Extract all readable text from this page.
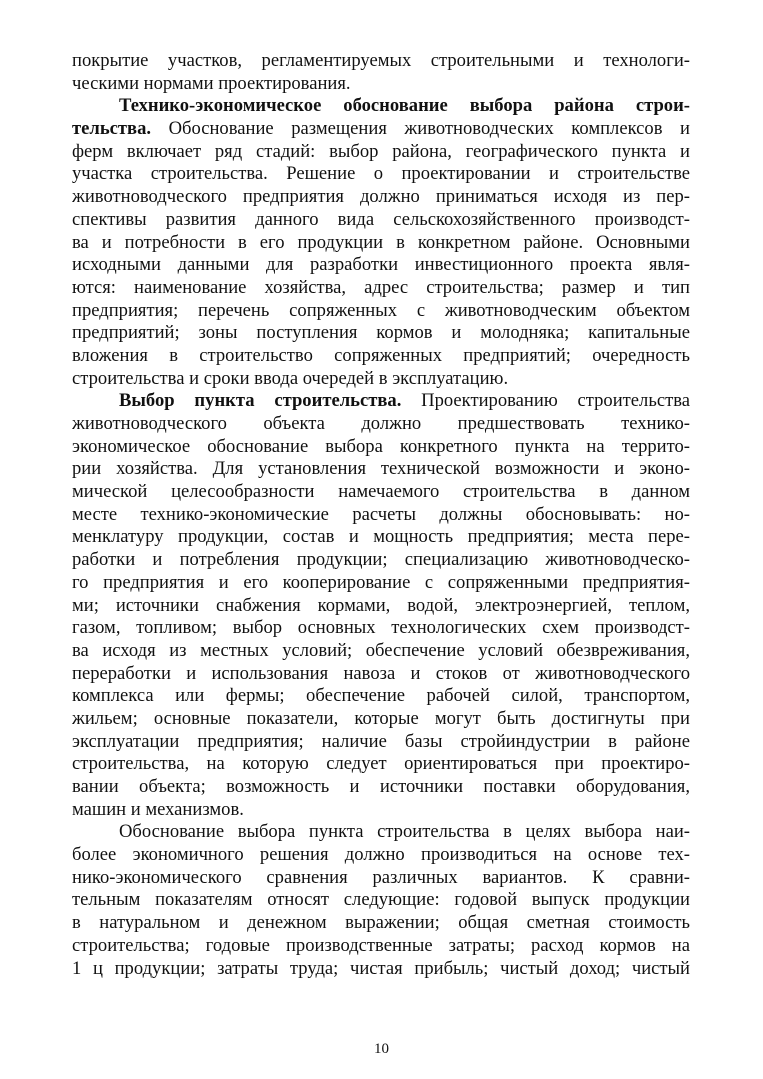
покрытие участков, регламентируемых строительными и технологи-
ческими нормами проектирования.
Технико-экономическое обоснование выбора района строи-
тельства. Обоснование размещения животноводческих комплексов и
ферм включает ряд стадий: выбор района, географического пункта и
участка строительства. Решение о проектировании и строительстве
животноводческого предприятия должно приниматься исходя из пер-
спективы развития данного вида сельскохозяйственного производст-
ва и потребности в его продукции в конкретном районе. Основными
исходными данными для разработки инвестиционного проекта явля-
ются: наименование хозяйства, адрес строительства; размер и тип
предприятия; перечень сопряженных с животноводческим объектом
предприятий; зоны поступления кормов и молодняка; капитальные
вложения в строительство сопряженных предприятий; очередность
строительства и сроки ввода очередей в эксплуатацию.
Выбор пункта строительства. Проектированию строительства
животноводческого объекта должно предшествовать технико-
экономическое обоснование выбора конкретного пункта на террито-
рии хозяйства. Для установления технической возможности и эконо-
мической целесообразности намечаемого строительства в данном
месте технико-экономические расчеты должны обосновывать: но-
менклатуру продукции, состав и мощность предприятия; места пере-
работки и потребления продукции; специализацию животноводческо-
го предприятия и его кооперирование с сопряженными предприятия-
ми; источники снабжения кормами, водой, электроэнергией, теплом,
газом, топливом; выбор основных технологических схем производст-
ва исходя из местных условий; обеспечение условий обезвреживания,
переработки и использования навоза и стоков от животноводческого
комплекса или фермы; обеспечение рабочей силой, транспортом,
жильем; основные показатели, которые могут быть достигнуты при
эксплуатации предприятия; наличие базы стройиндустрии в районе
строительства, на которую следует ориентироваться при проектиро-
вании объекта; возможность и источники поставки оборудования,
машин и механизмов.
Обоснование выбора пункта строительства в целях выбора наи-
более экономичного решения должно производиться на основе тех-
нико-экономического сравнения различных вариантов. К сравни-
тельным показателям относят следующие: годовой выпуск продукции
в натуральном и денежном выражении; общая сметная стоимость
строительства; годовые производственные затраты; расход кормов на
1 ц продукции; затраты труда; чистая прибыль; чистый доход; чистый
10
